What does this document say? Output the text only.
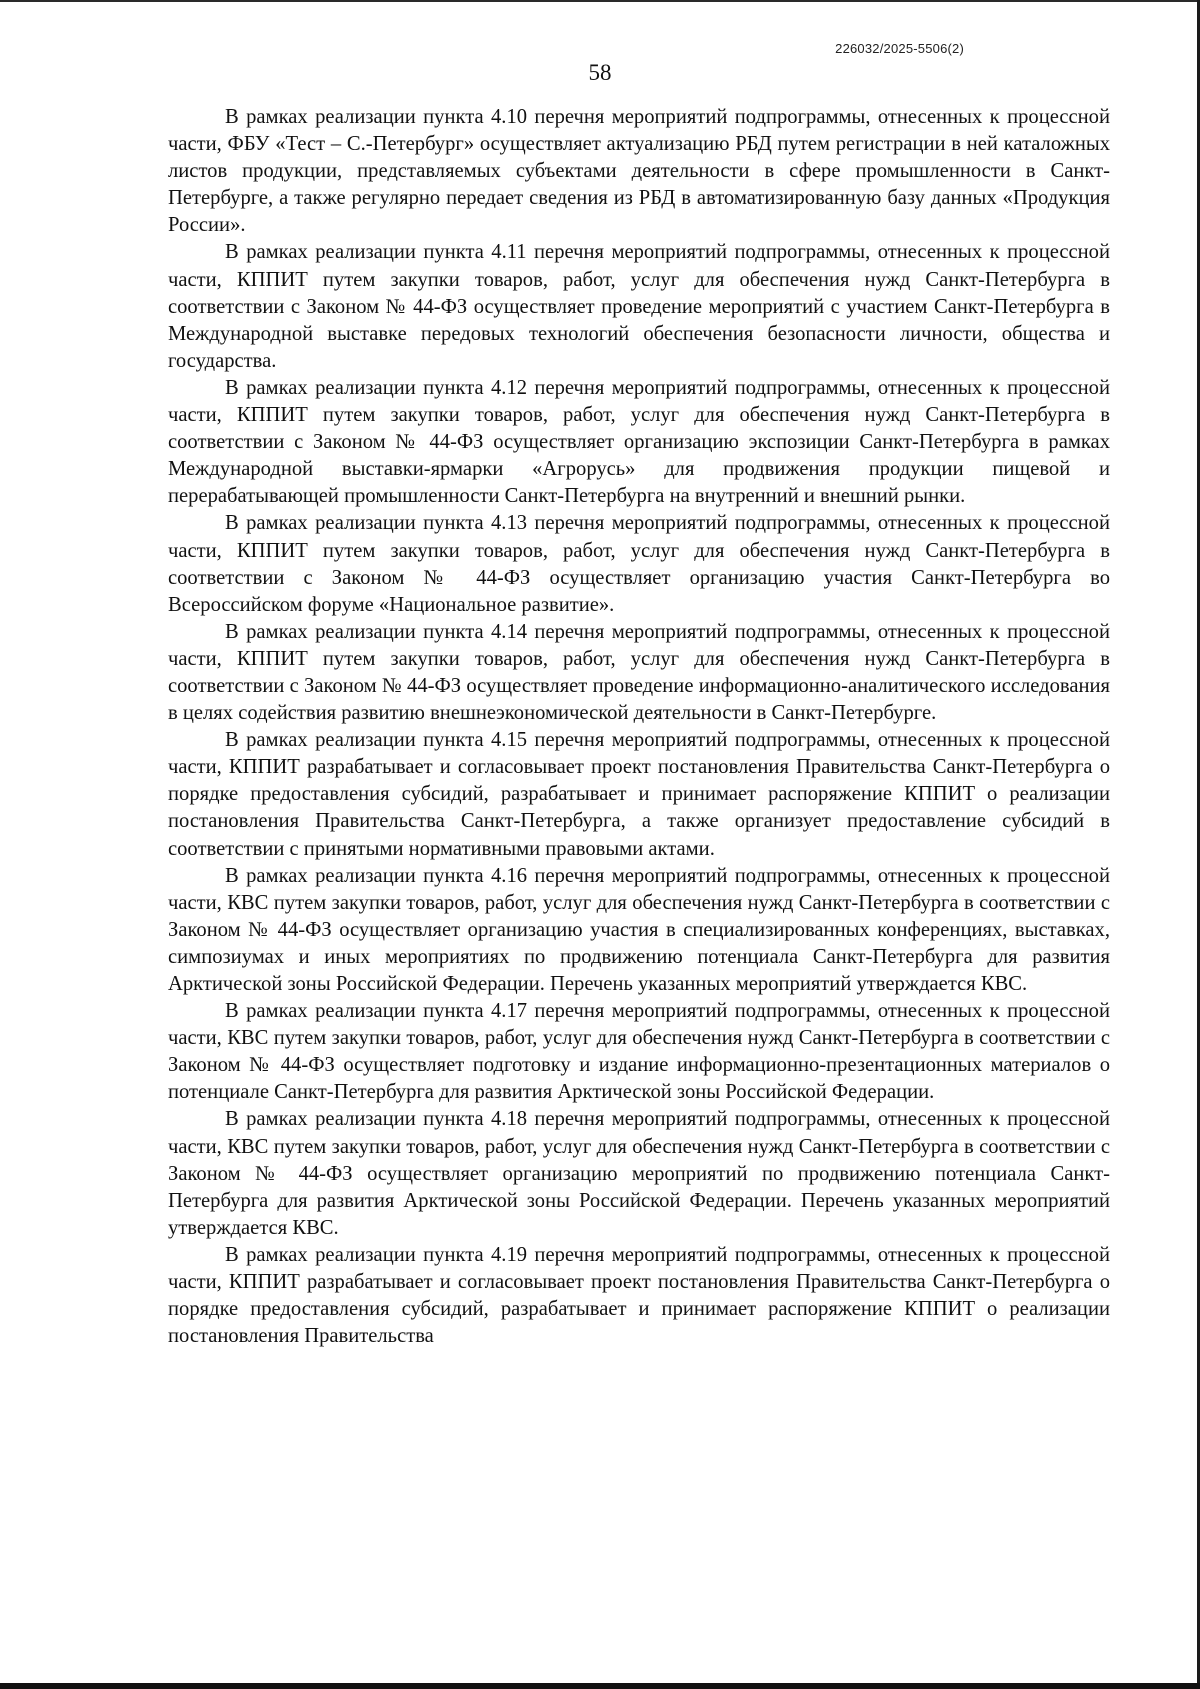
226032/2025-5506(2)
58

В рамках реализации пункта 4.10 перечня мероприятий подпрограммы, отнесенных к процессной части, ФБУ «Тест – С.-Петербург» осуществляет актуализацию РБД путем регистрации в ней каталожных листов продукции, представляемых субъектами деятельности в сфере промышленности в Санкт-Петербурге, а также регулярно передает сведения из РБД в автоматизированную базу данных «Продукция России».

В рамках реализации пункта 4.11 перечня мероприятий подпрограммы, отнесенных к процессной части, КППИТ путем закупки товаров, работ, услуг для обеспечения нужд Санкт-Петербурга в соответствии с Законом № 44-ФЗ осуществляет проведение мероприятий с участием Санкт-Петербурга в Международной выставке передовых технологий обеспечения безопасности личности, общества и государства.

В рамках реализации пункта 4.12 перечня мероприятий подпрограммы, отнесенных к процессной части, КППИТ путем закупки товаров, работ, услуг для обеспечения нужд Санкт-Петербурга в соответствии с Законом № 44-ФЗ осуществляет организацию экспозиции Санкт-Петербурга в рамках Международной выставки-ярмарки «Агрорусь» для продвижения продукции пищевой и перерабатывающей промышленности Санкт-Петербурга на внутренний и внешний рынки.

В рамках реализации пункта 4.13 перечня мероприятий подпрограммы, отнесенных к процессной части, КППИТ путем закупки товаров, работ, услуг для обеспечения нужд Санкт-Петербурга в соответствии с Законом № 44-ФЗ осуществляет организацию участия Санкт-Петербурга во Всероссийском форуме «Национальное развитие».

В рамках реализации пункта 4.14 перечня мероприятий подпрограммы, отнесенных к процессной части, КППИТ путем закупки товаров, работ, услуг для обеспечения нужд Санкт-Петербурга в соответствии с Законом № 44-ФЗ осуществляет проведение информационно-аналитического исследования в целях содействия развитию внешнеэкономической деятельности в Санкт-Петербурге.

В рамках реализации пункта 4.15 перечня мероприятий подпрограммы, отнесенных к процессной части, КППИТ разрабатывает и согласовывает проект постановления Правительства Санкт-Петербурга о порядке предоставления субсидий, разрабатывает и принимает распоряжение КППИТ о реализации постановления Правительства Санкт-Петербурга, а также организует предоставление субсидий в соответствии с принятыми нормативными правовыми актами.

В рамках реализации пункта 4.16 перечня мероприятий подпрограммы, отнесенных к процессной части, КВС путем закупки товаров, работ, услуг для обеспечения нужд Санкт-Петербурга в соответствии с Законом № 44-ФЗ осуществляет организацию участия в специализированных конференциях, выставках, симпозиумах и иных мероприятиях по продвижению потенциала Санкт-Петербурга для развития Арктической зоны Российской Федерации. Перечень указанных мероприятий утверждается КВС.

В рамках реализации пункта 4.17 перечня мероприятий подпрограммы, отнесенных к процессной части, КВС путем закупки товаров, работ, услуг для обеспечения нужд Санкт-Петербурга в соответствии с Законом № 44-ФЗ осуществляет подготовку и издание информационно-презентационных материалов о потенциале Санкт-Петербурга для развития Арктической зоны Российской Федерации.

В рамках реализации пункта 4.18 перечня мероприятий подпрограммы, отнесенных к процессной части, КВС путем закупки товаров, работ, услуг для обеспечения нужд Санкт-Петербурга в соответствии с Законом № 44-ФЗ осуществляет организацию мероприятий по продвижению потенциала Санкт-Петербурга для развития Арктической зоны Российской Федерации. Перечень указанных мероприятий утверждается КВС.

В рамках реализации пункта 4.19 перечня мероприятий подпрограммы, отнесенных к процессной части, КППИТ разрабатывает и согласовывает проект постановления Правительства Санкт-Петербурга о порядке предоставления субсидий, разрабатывает и принимает распоряжение КППИТ о реализации постановления Правительства
